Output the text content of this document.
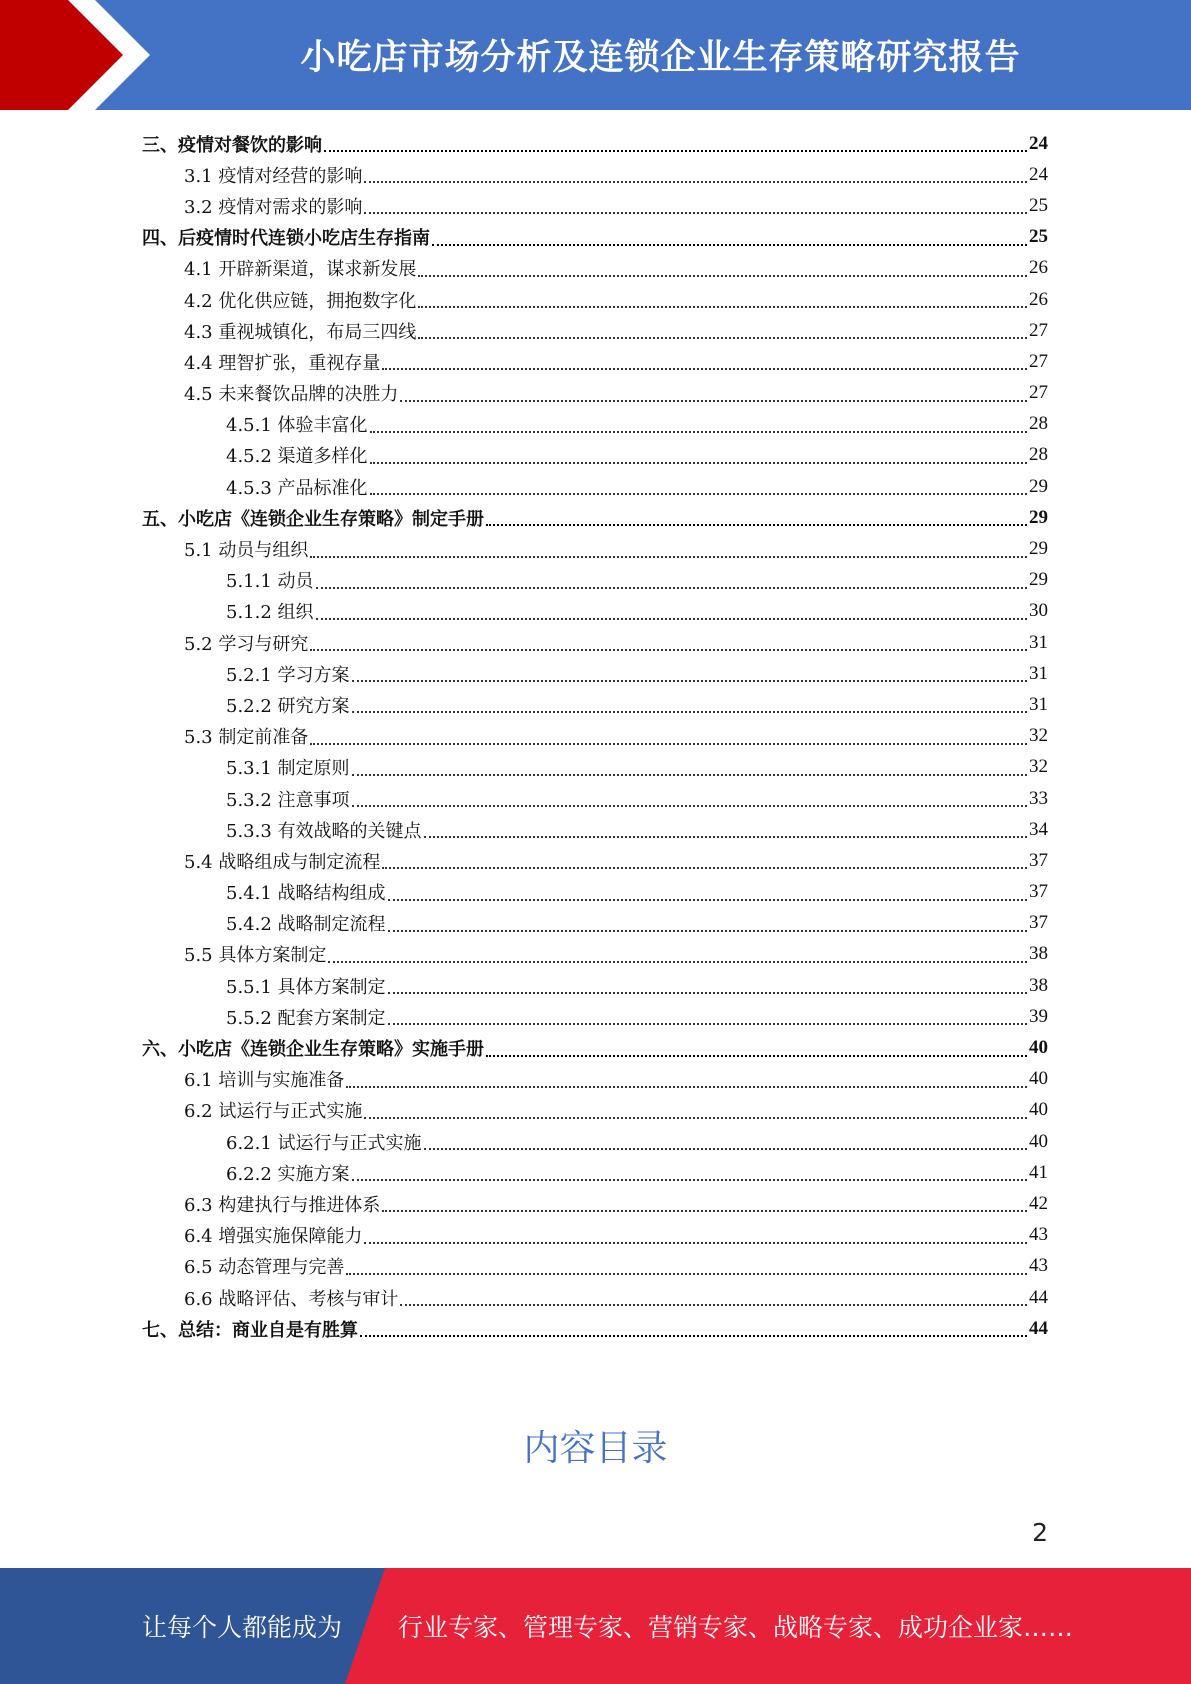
小吃店市场分析及连锁企业生存策略研究报告
三、疫情对餐饮的影响	24
3.1 疫情对经营的影响	24
3.2 疫情对需求的影响	25
四、后疫情时代连锁小吃店生存指南	25
4.1 开辟新渠道，谋求新发展	26
4.2 优化供应链，拥抱数字化	26
4.3 重视城镇化，布局三四线	27
4.4 理智扩张，重视存量	27
4.5 未来餐饮品牌的决胜力	27
4.5.1 体验丰富化	28
4.5.2 渠道多样化	28
4.5.3 产品标准化	29
五、小吃店《连锁企业生存策略》制定手册	29
5.1 动员与组织	29
5.1.1 动员	29
5.1.2 组织	30
5.2 学习与研究	31
5.2.1 学习方案	31
5.2.2 研究方案	31
5.3 制定前准备	32
5.3.1 制定原则	32
5.3.2 注意事项	33
5.3.3 有效战略的关键点	34
5.4 战略组成与制定流程	37
5.4.1 战略结构组成	37
5.4.2 战略制定流程	37
5.5 具体方案制定	38
5.5.1 具体方案制定	38
5.5.2 配套方案制定	39
六、小吃店《连锁企业生存策略》实施手册	40
6.1 培训与实施准备	40
6.2 试运行与正式实施	40
6.2.1 试运行与正式实施	40
6.2.2 实施方案	41
6.3 构建执行与推进体系	42
6.4 增强实施保障能力	43
6.5 动态管理与完善	43
6.6 战略评估、考核与审计	44
七、总结：商业自是有胜算	44
内容目录
2
让每个人都能成为 行业专家、管理专家、营销专家、战略专家、成功企业家……
